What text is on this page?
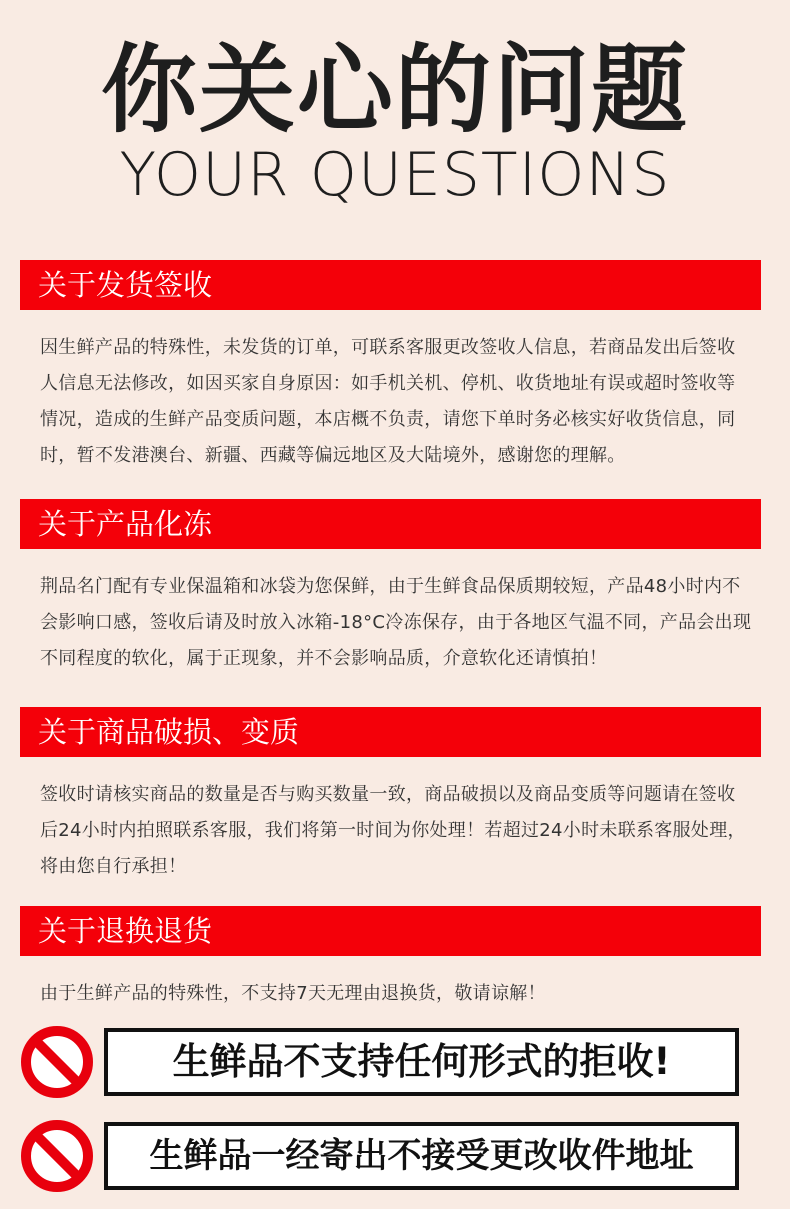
你关心的问题
YOUR QUESTIONS
关于发货签收
因生鲜产品的特殊性，未发货的订单，可联系客服更改签收人信息，若商品发出后签收人信息无法修改，如因买家自身原因：如手机关机、停机、收货地址有误或超时签收等情况，造成的生鲜产品变质问题，本店概不负责，请您下单时务必核实好收货信息，同时，暂不发港澳台、新疆、西藏等偏远地区及大陆境外，感谢您的理解。
关于产品化冻
荆品名门配有专业保温箱和冰袋为您保鲜，由于生鲜食品保质期较短，产品48小时内不会影响口感，签收后请及时放入冰箱-18°C冷冻保存，由于各地区气温不同，产品会出现不同程度的软化，属于正现象，并不会影响品质，介意软化还请慎拍！
关于商品破损、变质
签收时请核实商品的数量是否与购买数量一致，商品破损以及商品变质等问题请在签收后24小时内拍照联系客服，我们将第一时间为你处理！若超过24小时未联系客服处理，将由您自行承担！
关于退换退货
由于生鲜产品的特殊性，不支持7天无理由退换货，敬请谅解！
生鲜品不支持任何形式的拒收!
生鲜品一经寄出不接受更改收件地址
